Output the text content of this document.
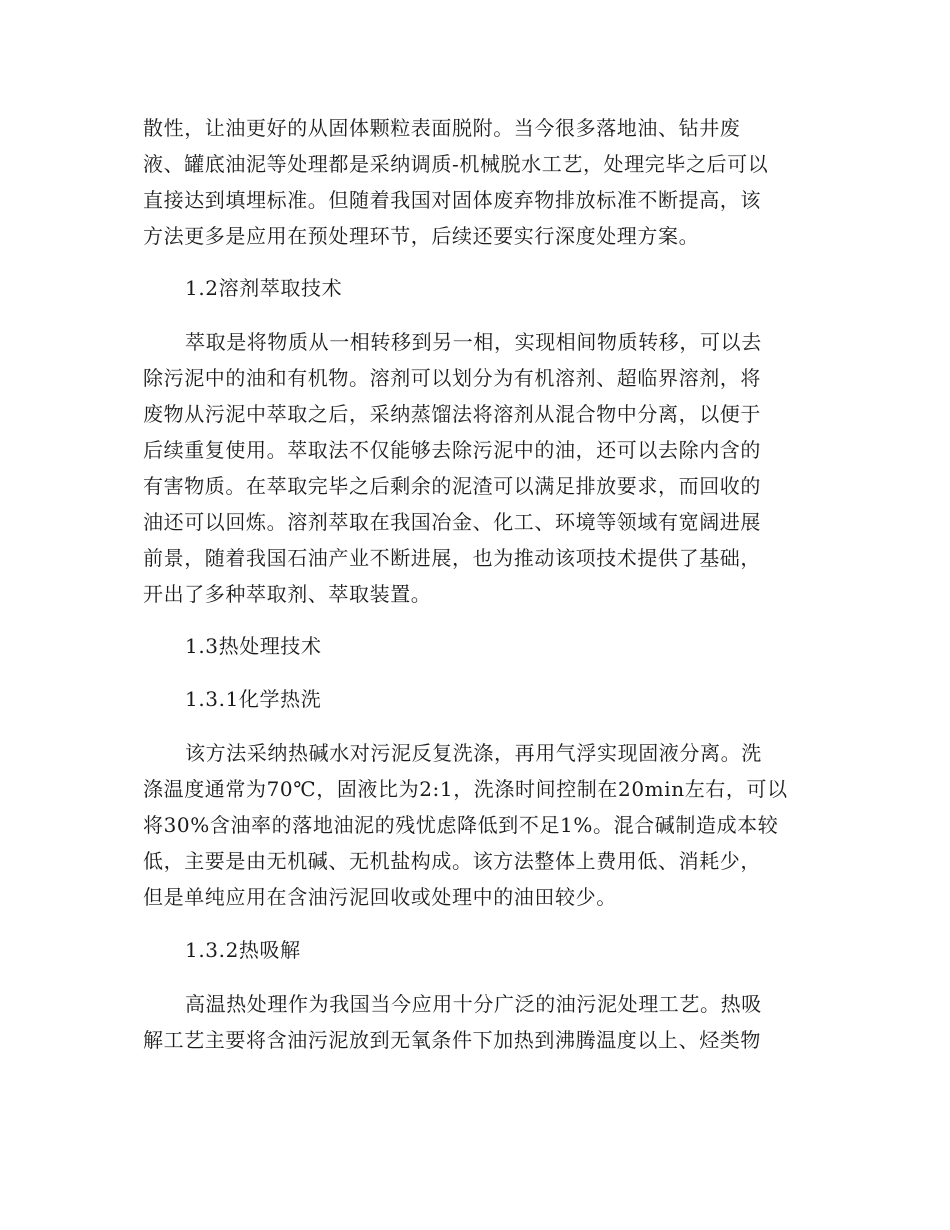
散性，让油更好的从固体颗粒表面脱附。当今很多落地油、钻井废
液、罐底油泥等处理都是采纳调质-机械脱水工艺，处理完毕之后可以
直接达到填埋标准。但随着我国对固体废弃物排放标准不断提高，该
方法更多是应用在预处理环节，后续还要实行深度处理方案。
1.2溶剂萃取技术
萃取是将物质从一相转移到另一相，实现相间物质转移，可以去
除污泥中的油和有机物。溶剂可以划分为有机溶剂、超临界溶剂，将
废物从污泥中萃取之后，采纳蒸馏法将溶剂从混合物中分离，以便于
后续重复使用。萃取法不仅能够去除污泥中的油，还可以去除内含的
有害物质。在萃取完毕之后剩余的泥渣可以满足排放要求，而回收的
油还可以回炼。溶剂萃取在我国冶金、化工、环境等领域有宽阔进展
前景，随着我国石油产业不断进展，也为推动该项技术提供了基础，
开出了多种萃取剂、萃取装置。
1.3热处理技术
1.3.1化学热洗
该方法采纳热碱水对污泥反复洗涤，再用气浮实现固液分离。洗
涤温度通常为70℃，固液比为2:1，洗涤时间控制在20min左右，可以
将30%含油率的落地油泥的残忧虑降低到不足1%。混合碱制造成本较
低，主要是由无机碱、无机盐构成。该方法整体上费用低、消耗少，
但是单纯应用在含油污泥回收或处理中的油田较少。
1.3.2热吸解
高温热处理作为我国当今应用十分广泛的油污泥处理工艺。热吸
解工艺主要将含油污泥放到无氧条件下加热到沸腾温度以上、烃类物
